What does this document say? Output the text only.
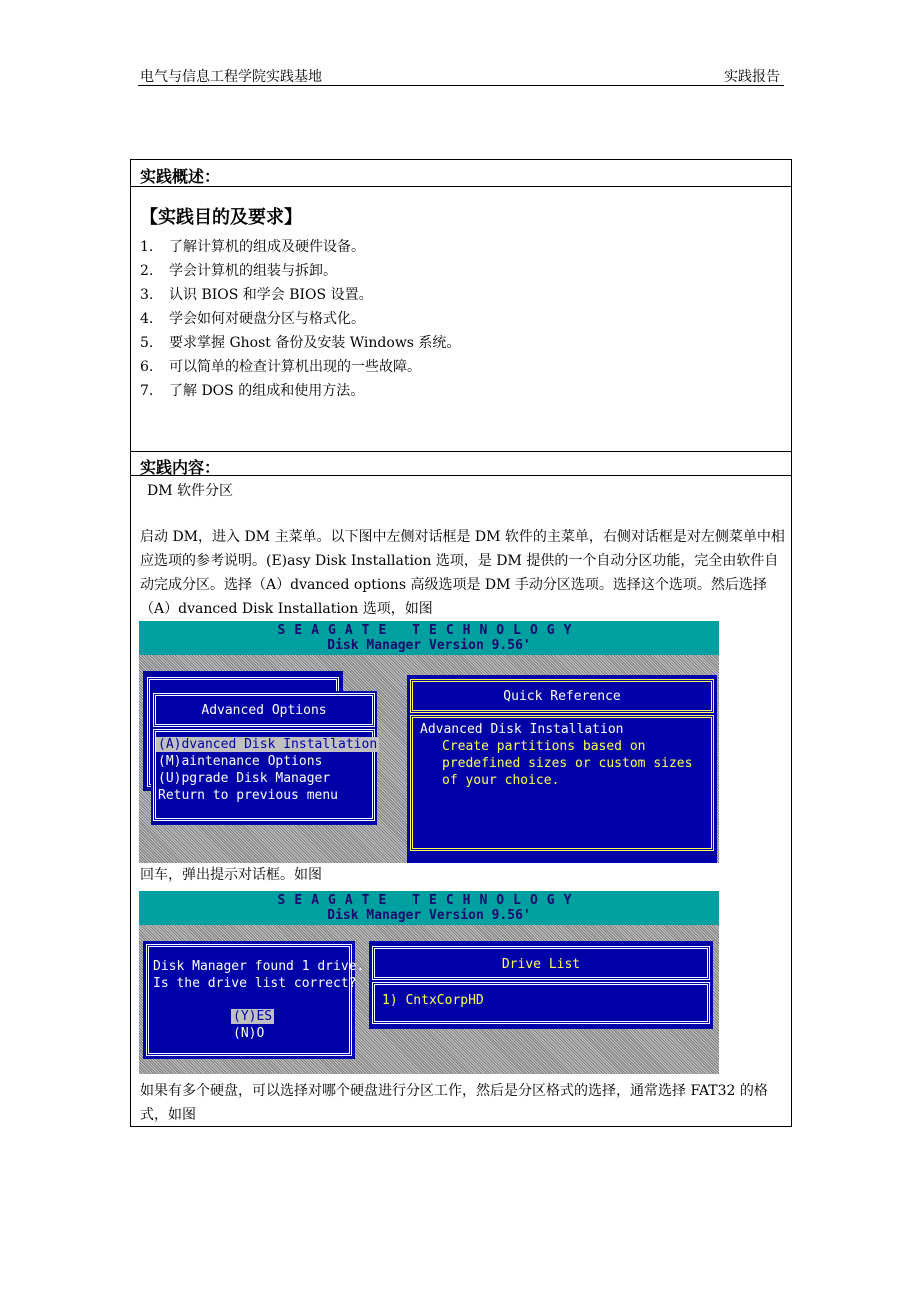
电气与信息工程学院实践基地	实践报告
实践概述：
【实践目的及要求】
1. 了解计算机的组成及硬件设备。
2. 学会计算机的组装与拆卸。
3. 认识 BIOS 和学会 BIOS 设置。
4. 学会如何对硬盘分区与格式化。
5. 要求掌握 Ghost 备份及安装 Windows 系统。
6. 可以简单的检查计算机出现的一些故障。
7. 了解 DOS 的组成和使用方法。
实践内容：
DM 软件分区
启动 DM，进入 DM 主菜单。以下图中左侧对话框是 DM 软件的主菜单，右侧对话框是对左侧菜单中相应选项的参考说明。(E)asy Disk Installation 选项，是 DM 提供的一个自动分区功能，完全由软件自动完成分区。选择（A）dvanced options 高级选项是 DM 手动分区选项。选择这个选项。然后选择（A）dvanced Disk Installation 选项，如图
SEAGATE TECHNOLOGY
Disk Manager Version 9.56'
Advanced Options
(A)dvanced Disk Installation
(M)aintenance Options
(U)pgrade Disk Manager
Return to previous menu
Quick Reference
Advanced Disk Installation
Create partitions based on
predefined sizes or custom sizes
of your choice.
回车，弹出提示对话框。如图
SEAGATE TECHNOLOGY
Disk Manager Version 9.56'
Disk Manager found 1 drive.
Is the drive list correct?
(Y)ES
(N)O
Drive List
1) CntxCorpHD
如果有多个硬盘，可以选择对哪个硬盘进行分区工作，然后是分区格式的选择，通常选择 FAT32 的格式，如图
